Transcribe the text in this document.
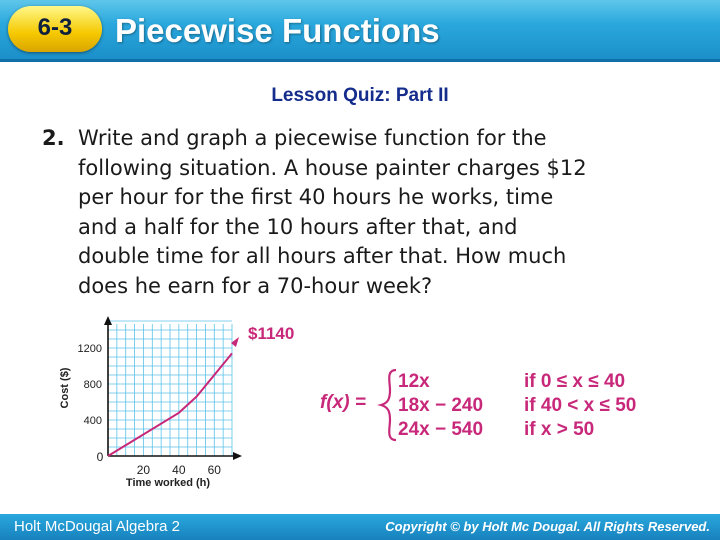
6-3	Piecewise Functions
Lesson Quiz: Part II
2. Write and graph a piecewise function for the
following situation. A house painter charges $12
per hour for the first 40 hours he works, time
and a half for the 10 hours after that, and
double time for all hours after that. How much
does he earn for a 70-hour week?
20 40 60
400
800
1200
0
Time worked (h)
Cost ($)
$1140
f(x) =
12x	if 0 ≤ x ≤ 40
18x − 240 if 40 < x ≤ 50
24x − 540 if x > 50
Holt McDougal Algebra 2	Copyright © by Holt Mc Dougal. All Rights Reserved.
